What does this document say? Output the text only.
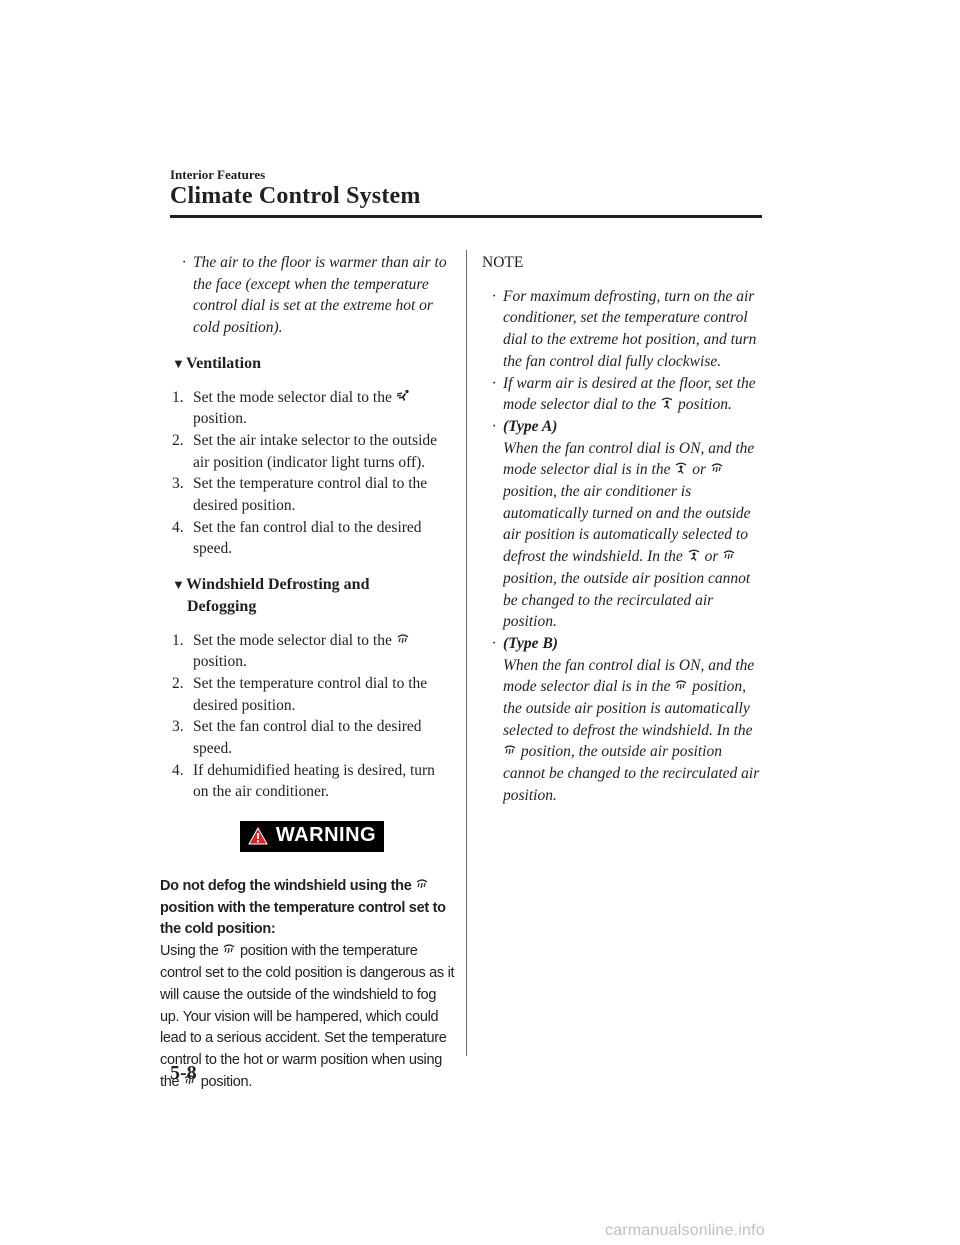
Interior Features
Climate Control System
· The air to the floor is warmer than air to the face (except when the temperature control dial is set at the extreme hot or cold position).
▼Ventilation
1. Set the mode selector dial to the

position.
2. Set the air intake selector to the outside air position (indicator light turns off).
3. Set the temperature control dial to the desired position.
4. Set the fan control dial to the desired speed.
▼Windshield Defrosting and
Defogging
1. Set the mode selector dial to the

position.
2. Set the temperature control dial to the desired position.
3. Set the fan control dial to the desired speed.
4. If dehumidified heating is desired, turn on the air conditioner.
WARNING
Do not defog the windshield using the
position with the temperature control set to the cold position:
Using the position with the temperature control set to the cold position is dangerous as it will cause the outside of the windshield to fog up. Your vision will be hampered, which could lead to a serious accident. Set the temperature control to the hot or warm position when using the position.
NOTE
· For maximum defrosting, turn on the air conditioner, set the temperature control dial to the extreme hot position, and turn the fan control dial fully clockwise.
· If warm air is desired at the floor, set the mode selector dial to the position.
· (Type A)
When the fan control dial is ON, and the mode selector dial is in the or
position, the air conditioner is automatically turned on and the outside air position is automatically selected to defrost the windshield. In the or
position, the outside air position cannot be changed to the recirculated air position.
· (Type B)
When the fan control dial is ON, and the mode selector dial is in the position, the outside air position is automatically selected to defrost the windshield. In the

position, the outside air position cannot be changed to the recirculated air position.
5-8
carmanualsonline.info
